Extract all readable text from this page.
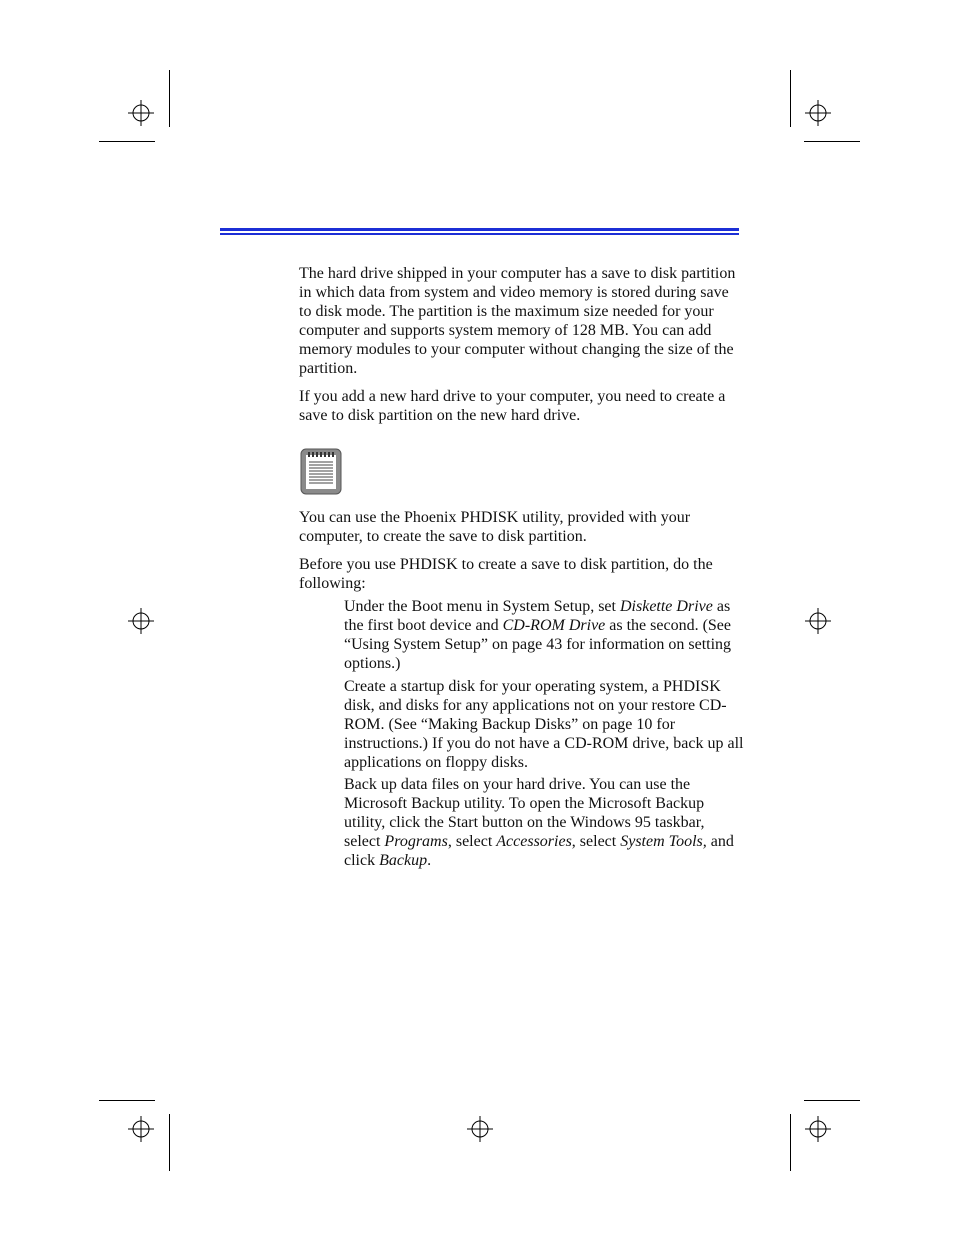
The hard drive shipped in your computer has a save to disk partition in which data from system and video memory is stored during save to disk mode. The partition is the maximum size needed for your computer and supports system memory of 128 MB. You can add memory modules to your computer without changing the size of the partition.

If you add a new hard drive to your computer, you need to create a save to disk partition on the new hard drive.

You can use the Phoenix PHDISK utility, provided with your computer, to create the save to disk partition.

Before you use PHDISK to create a save to disk partition, do the following:

Under the Boot menu in System Setup, set Diskette Drive as the first boot device and CD-ROM Drive as the second. (See “Using System Setup” on page 43 for information on setting options.)

Create a startup disk for your operating system, a PHDISK disk, and disks for any applications not on your restore CD-ROM. (See “Making Backup Disks” on page 10 for instructions.) If you do not have a CD-ROM drive, back up all applications on floppy disks.

Back up data files on your hard drive. You can use the Microsoft Backup utility. To open the Microsoft Backup utility, click the Start button on the Windows 95 taskbar, select Programs, select Accessories, select System Tools, and click Backup.
